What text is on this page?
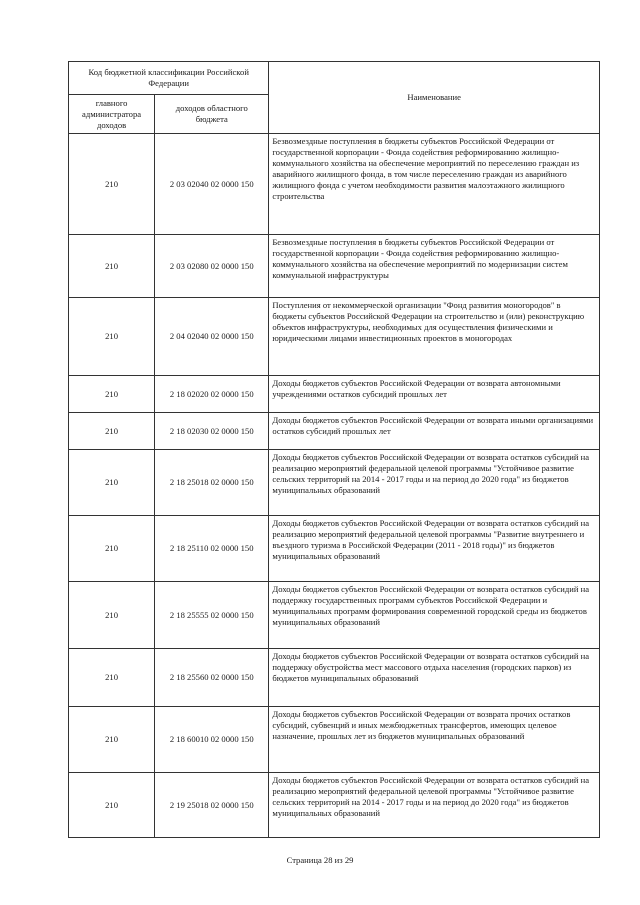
Код бюджетной классификации Российской Федерации		Наименование
главного администратора доходов	доходов областного бюджета	
210	2 03 02040 02 0000 150	Безвозмездные поступления в бюджеты субъектов Российской Федерации от государственной корпорации - Фонда содействия реформированию жилищно-коммунального хозяйства на обеспечение мероприятий по переселению граждан из аварийного жилищного фонда, в том числе переселению граждан из аварийного жилищного фонда с учетом необходимости развития малоэтажного жилищного строительства
210	2 03 02080 02 0000 150	Безвозмездные поступления в бюджеты субъектов Российской Федерации от государственной корпорации - Фонда содействия реформированию жилищно-коммунального хозяйства на обеспечение мероприятий по модернизации систем коммунальной инфраструктуры
210	2 04 02040 02 0000 150	Поступления от некоммерческой организации "Фонд развития моногородов" в бюджеты субъектов Российской Федерации на строительство и (или) реконструкцию объектов инфраструктуры, необходимых для осуществления физическими и юридическими лицами инвестиционных проектов в моногородах
210	2 18 02020 02 0000 150	Доходы бюджетов субъектов Российской Федерации от возврата автономными учреждениями остатков субсидий прошлых лет
210	2 18 02030 02 0000 150	Доходы бюджетов субъектов Российской Федерации от возврата иными организациями остатков субсидий прошлых лет
210	2 18 25018 02 0000 150	Доходы бюджетов субъектов Российской Федерации от возврата остатков субсидий на реализацию мероприятий федеральной целевой программы "Устойчивое развитие сельских территорий на 2014 - 2017 годы и на период до 2020 года" из бюджетов муниципальных образований
210	2 18 25110 02 0000 150	Доходы бюджетов субъектов Российской Федерации от возврата остатков субсидий на реализацию мероприятий федеральной целевой программы "Развитие внутреннего и въездного туризма в Российской Федерации (2011 - 2018 годы)" из бюджетов муниципальных образований
210	2 18 25555 02 0000 150	Доходы бюджетов субъектов Российской Федерации от возврата остатков субсидий на поддержку государственных программ субъектов Российской Федерации и муниципальных программ формирования современной городской среды из бюджетов муниципальных образований
210	2 18 25560 02 0000 150	Доходы бюджетов субъектов Российской Федерации от возврата остатков субсидий на поддержку обустройства мест массового отдыха населения (городских парков) из бюджетов муниципальных образований
210	2 18 60010 02 0000 150	Доходы бюджетов субъектов Российской Федерации от возврата прочих остатков субсидий, субвенций и иных межбюджетных трансфертов, имеющих целевое назначение, прошлых лет из бюджетов муниципальных образований
210	2 19 25018 02 0000 150	Доходы бюджетов субъектов Российской Федерации от возврата остатков субсидий на реализацию мероприятий федеральной целевой программы "Устойчивое развитие сельских территорий на 2014 - 2017 годы и на период до 2020 года" из бюджетов муниципальных образований
Страница 28 из 29
